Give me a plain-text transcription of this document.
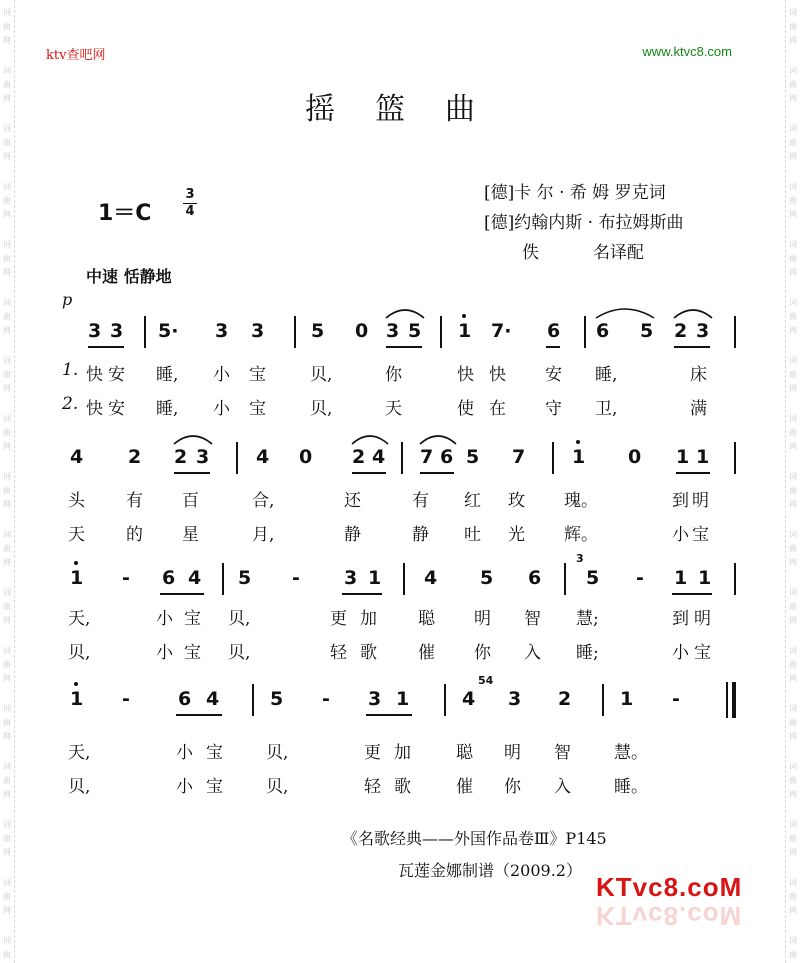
词
曲
网
词
曲
网
词
曲
网
词
曲
网
词
曲
网
词
曲
网
词
曲
网
词
曲
网
词
曲
网
词
曲
网
词
曲
网
词
曲
网
词
曲
网
词
曲
网
词
曲
网
词
曲
网
词
曲
词
曲
网
词
曲
网
词
曲
网
词
曲
网
词
曲
网
词
曲
网
词
曲
网
词
曲
网
词
曲
网
词
曲
网
词
曲
网
词
曲
网
词
曲
网
词
曲
网
词
曲
网
词
曲
网
词
曲
ktv查吧网	www.ktvc8.com
摇篮曲
1＝C
3
4
[德]卡 尔 · 希 姆 罗克词
[德]约翰内斯 · 布拉姆斯曲
佚          名译配
中速 恬静地
p
3 3 5· 3 3 5 0 3 5 1 7· 6 6 5 2 3
1. 快 安 睡, 小 宝	贝,	你	快 快 安 睡,	床
2. 快 安 睡, 小 宝	贝,	天	使 在 守 卫,	满
4 2 2 3 4 0 2 4 7 6 5 7 1 0 1 1
头 有 百	合,	还	有 红 玫 瑰。	到 明
天 的 星	月,	静	静 吐 光 辉。	小 宝
1 - 6 4 5 - 3 1 4 5 6
3
5 - 1 1
天,	小 宝 贝,	更 加 聪 明 智 慧;	到 明
贝,	小 宝 贝,	轻 歌 催 你 入 睡;	小 宝
1 -	6 4	5 - 3 1	4
54
3 2	1 -
天,	小 宝	贝,	更 加	聪 明 智	慧。
贝,	小 宝	贝,	轻 歌	催 你 入	睡。
《名歌经典——外国作品卷Ⅲ》P145
瓦莲金娜制谱（2009.2）
KTvc8.coM
KTvc8.coM
